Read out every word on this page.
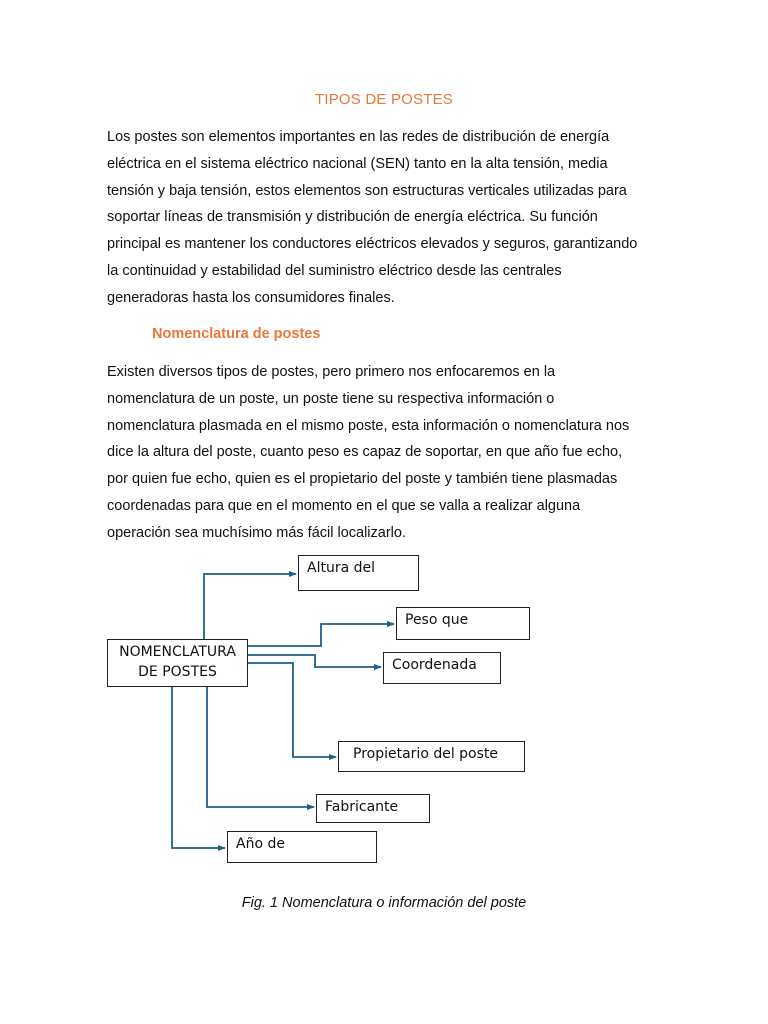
TIPOS DE POSTES

Los postes son elementos importantes en las redes de distribución de energía
eléctrica en el sistema eléctrico nacional (SEN) tanto en la alta tensión, media
tensión y baja tensión, estos elementos son estructuras verticales utilizadas para
soportar líneas de transmisión y distribución de energía eléctrica. Su función
principal es mantener los conductores eléctricos elevados y seguros, garantizando
la continuidad y estabilidad del suministro eléctrico desde las centrales
generadoras hasta los consumidores finales.

Nomenclatura de postes

Existen diversos tipos de postes, pero primero nos enfocaremos en la
nomenclatura de un poste, un poste tiene su respectiva información o
nomenclatura plasmada en el mismo poste, esta información o nomenclatura nos
dice la altura del poste, cuanto peso es capaz de soportar, en que año fue echo,
por quien fue echo, quien es el propietario del poste y también tiene plasmadas
coordenadas para que en el momento en el que se valla a realizar alguna
operación sea muchísimo más fácil localizarlo.

NOMENCLATURA DE POSTES
Altura del
Peso que
Coordenada
Propietario del poste
Fabricante
Año de
Fig. 1 Nomenclatura o información del poste
